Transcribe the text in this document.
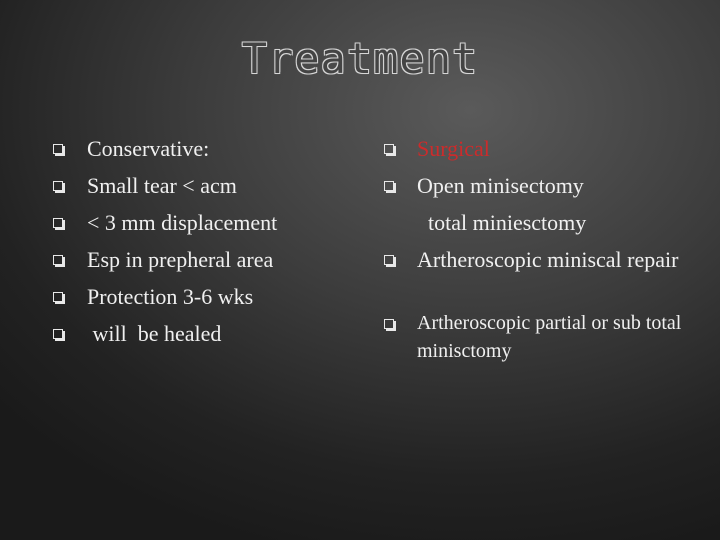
Treatment
Conservative:
Small tear < acm
< 3 mm displacement
Esp in prepheral area
Protection 3-6 wks
will  be healed
Surgical
Open minisectomy
total miniesctomy
Artheroscopic miniscal repair
Artheroscopic partial or sub total minisctomy
